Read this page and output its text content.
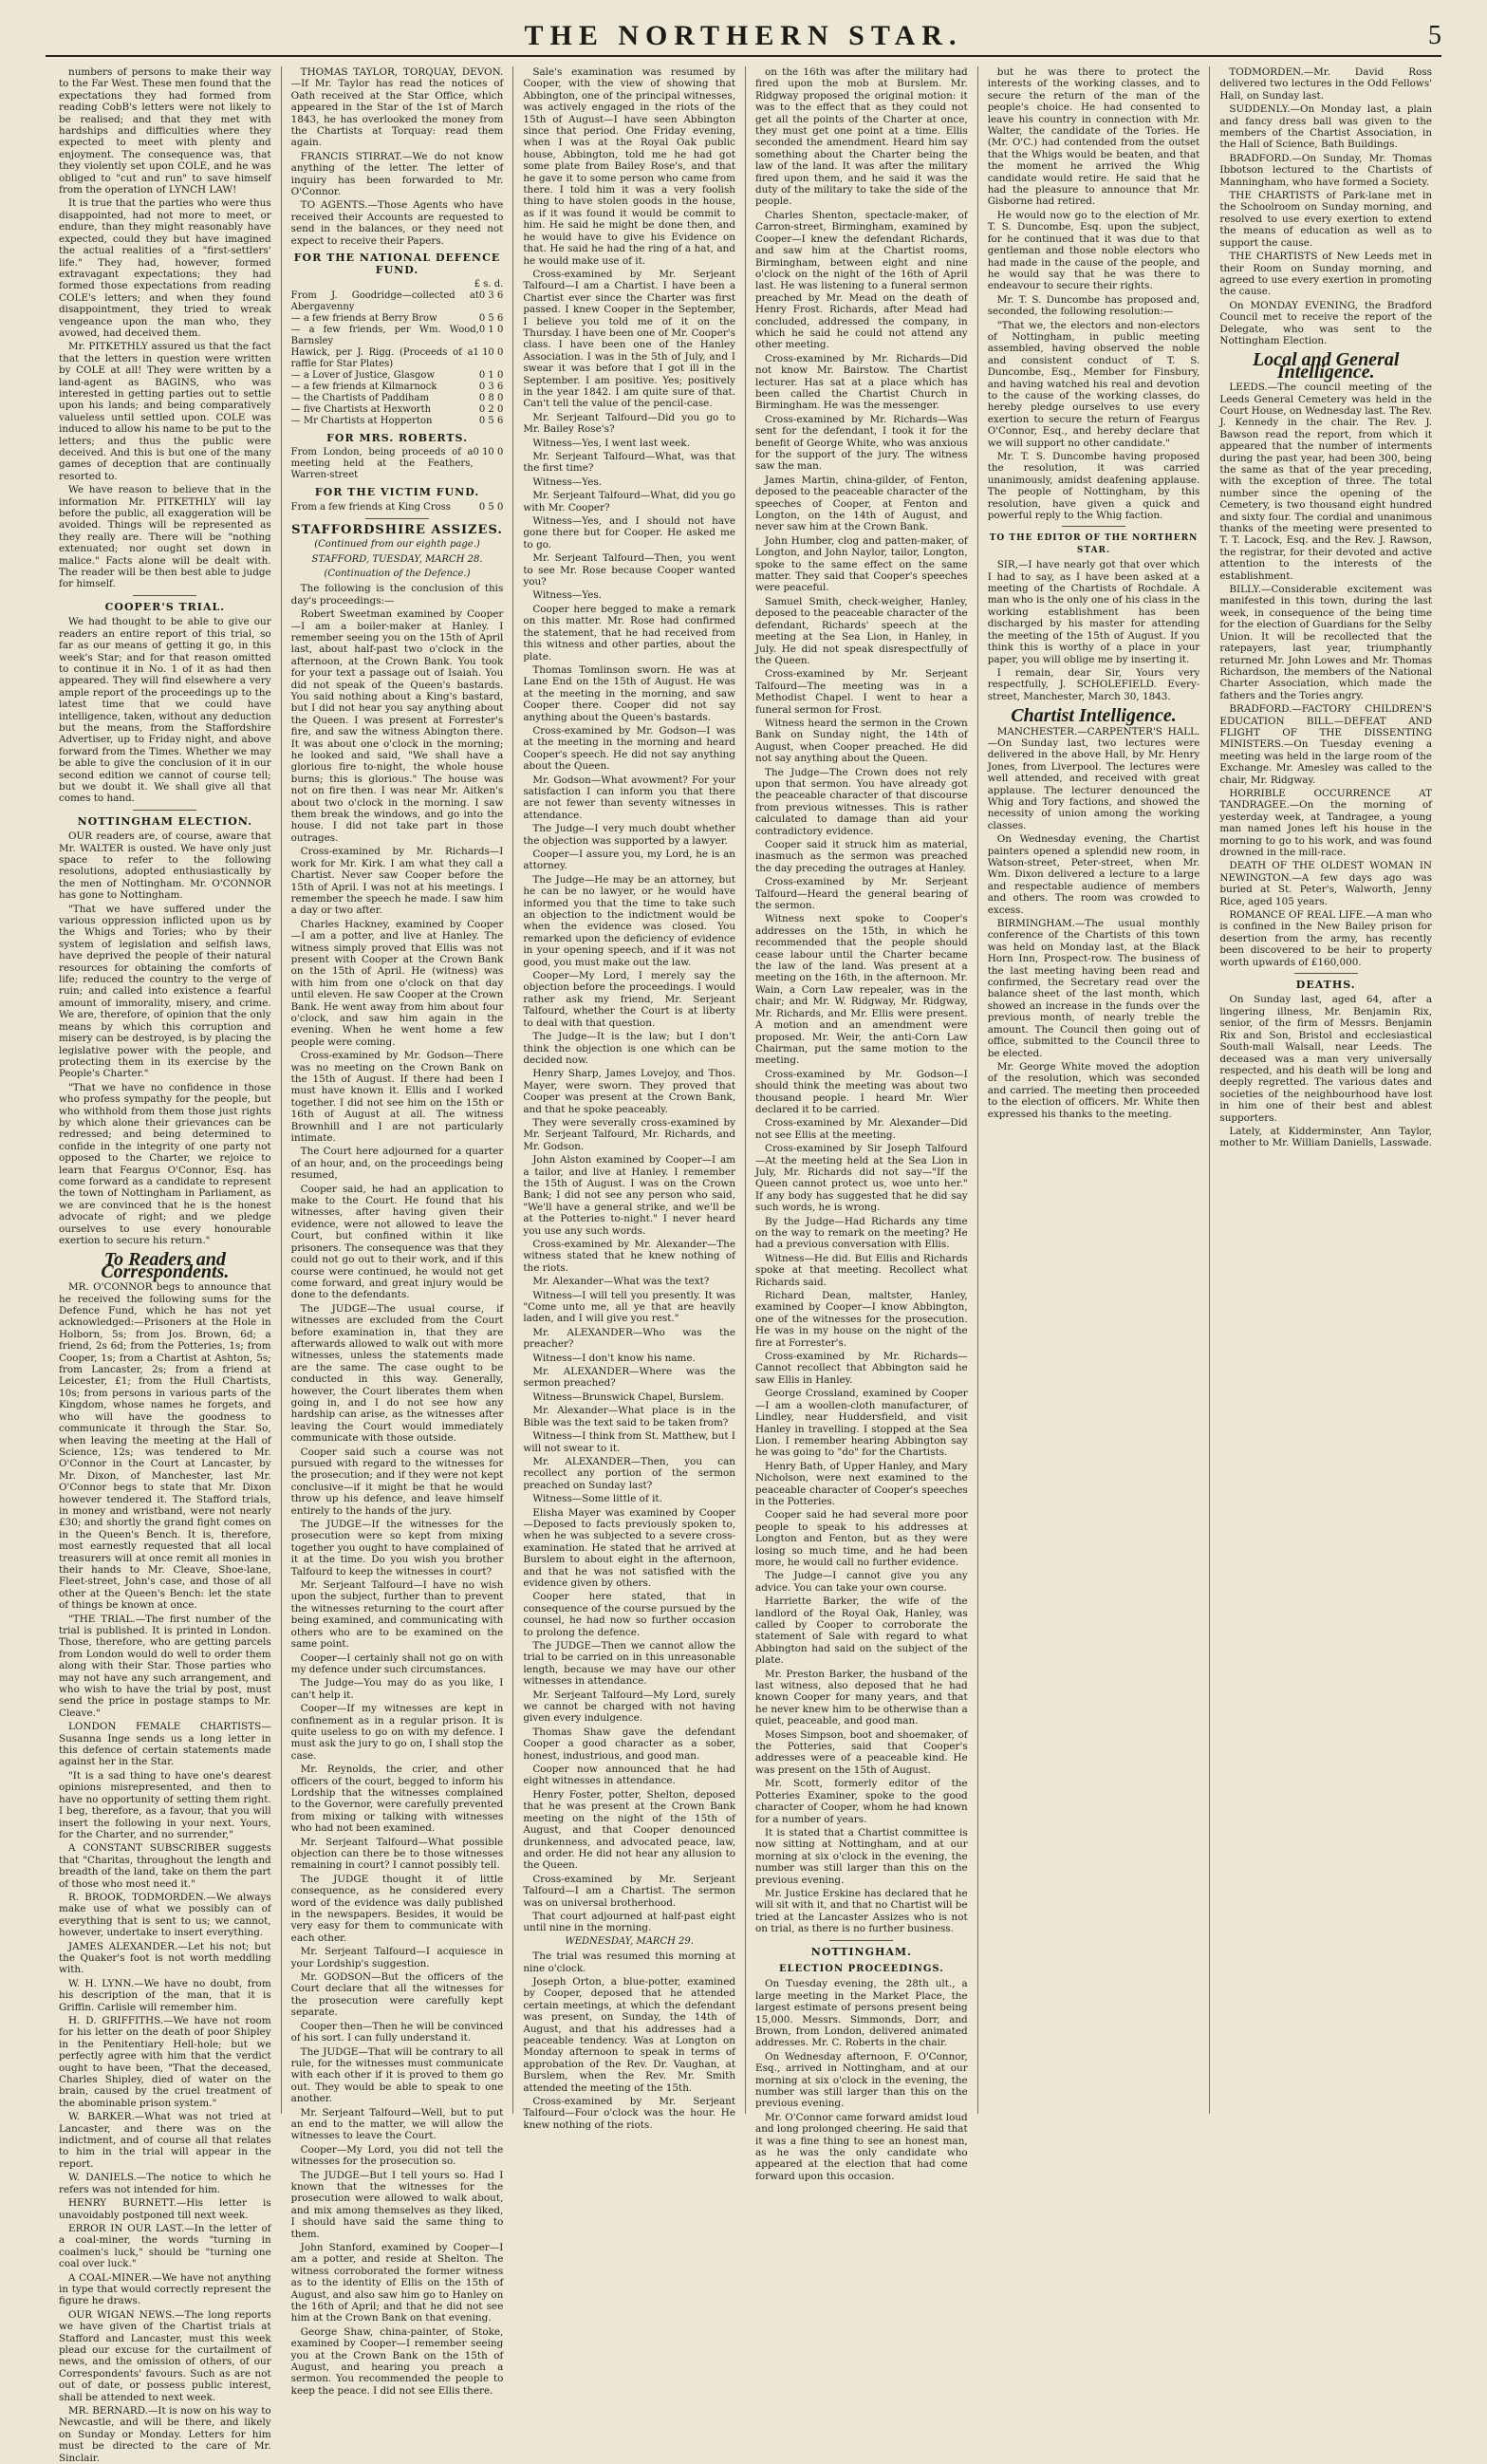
THE NORTHERN STAR.	5

numbers of persons to make their way to the Far West. These men found that the expectations they had formed from reading CobB's letters were not likely to be realised; and that they met with hardships and difficulties where they expected to meet with plenty and enjoyment. The consequence was, that they violently set upon COLE, and he was obliged to "cut and run" to save himself from the operation of LYNCH LAW!

It is true that the parties who were thus disappointed, had not more to meet, or endure, than they might reasonably have expected, could they but have imagined the actual realities of a "first-settlers' life." They had, however, formed extravagant expectations; they had formed those expectations from reading COLE's letters; and when they found disappointment, they tried to wreak vengeance upon the man who, they avowed, had deceived them.

Mr. PITKETHLY assured us that the fact that the letters in question were written by COLE at all! They were written by a land-agent as BAGINS, who was interested in getting parties out to settle upon his lands; and being comparatively valueless until settled upon. COLE was induced to allow his name to be put to the letters; and thus the public were deceived. And this is but one of the many games of deception that are continually resorted to.

We have reason to believe that in the information Mr. PITKETHLY will lay before the public, all exaggeration will be avoided. Things will be represented as they really are. There will be "nothing extenuated; nor ought set down in malice." Facts alone will be dealt with. The reader will be then best able to judge for himself.

COOPER'S TRIAL.

We had thought to be able to give our readers an entire report of this trial, so far as our means of getting it go, in this week's Star; and for that reason omitted to continue it in No. 1 of it as had then appeared. They will find elsewhere a very ample report of the proceedings up to the latest time that we could have intelligence, taken, without any deduction but the means, from the Staffordshire Advertiser, up to Friday night, and above forward from the Times. Whether we may be able to give the conclusion of it in our second edition we cannot of course tell; but we doubt it. We shall give all that comes to hand.

NOTTINGHAM ELECTION.

OUR readers are, of course, aware that Mr. WALTER is ousted. We have only just space to refer to the following resolutions, adopted enthusiastically by the men of Nottingham. Mr. O'CONNOR has gone to Nottingham.

"That we have suffered under the various oppression inflicted upon us by the Whigs and Tories; who by their system of legislation and selfish laws, have deprived the people of their natural resources for obtaining the comforts of life; reduced the country to the verge of ruin; and called into existence a fearful amount of immorality, misery, and crime. We are, therefore, of opinion that the only means by which this corruption and misery can be destroyed, is by placing the legislative power with the people, and protecting them in its exercise by the People's Charter."

"That we have no confidence in those who profess sympathy for the people, but who withhold from them those just rights by which alone their grievances can be redressed; and being determined to confide in the integrity of one party not opposed to the Charter, we rejoice to learn that Feargus O'Connor, Esq. has come forward as a candidate to represent the town of Nottingham in Parliament, as we are convinced that he is the honest advocate of right; and we pledge ourselves to use every honourable exertion to secure his return."

To Readers and Correspondents.

MR. O'CONNOR begs to announce that he received the following sums for the Defence Fund, which he has not yet acknowledged:—Prisoners at the Hole in Holborn, 5s; from Jos. Brown, 6d; a friend, 2s 6d; from the Potteries, 1s; from Cooper, 1s; from a Chartist at Ashton, 5s; from Lancaster, 2s; from a friend at Leicester, £1; from the Hull Chartists, 10s; from persons in various parts of the Kingdom, whose names he forgets, and who will have the goodness to communicate it through the Star. So, when leaving the meeting at the Hall of Science, 12s; was tendered to Mr. O'Connor in the Court at Lancaster, by Mr. Dixon, of Manchester, last Mr. O'Connor begs to state that Mr. Dixon however tendered it. The Stafford trials, in money and wristband, were not nearly £30; and shortly the grand fight comes on in the Queen's Bench. It is, therefore, most earnestly requested that all local treasurers will at once remit all monies in their hands to Mr. Cleave, Shoe-lane, Fleet-street, John's case, and those of all other at the Queen's Bench: let the state of things be known at once.

"THE TRIAL.—The first number of the trial is published. It is printed in London. Those, therefore, who are getting parcels from London would do well to order them along with their Star. Those parties who may not have any such arrangement, and who wish to have the trial by post, must send the price in postage stamps to Mr. Cleave."

LONDON FEMALE CHARTISTS—Susanna Inge sends us a long letter in this defence of certain statements made against her in the Star.

"It is a sad thing to have one's dearest opinions misrepresented, and then to have no opportunity of setting them right. I beg, therefore, as a favour, that you will insert the following in your next. Yours, for the Charter, and no surrender,"

A CONSTANT SUBSCRIBER suggests that "Charitas, throughout the length and breadth of the land, take on them the part of those who most need it."

R. BROOK, TODMORDEN.—We always make use of what we possibly can of everything that is sent to us; we cannot, however, undertake to insert everything.

JAMES ALEXANDER.—Let his not; but the Quaker's foot is not worth meddling with.

W. H. LYNN.—We have no doubt, from his description of the man, that it is Griffin. Carlisle will remember him.

H. D. GRIFFITHS.—We have not room for his letter on the death of poor Shipley in the Penitentiary Hell-hole; but we perfectly agree with him that the verdict ought to have been, "That the deceased, Charles Shipley, died of water on the brain, caused by the cruel treatment of the abominable prison system."

W. BARKER.—What was not tried at Lancaster, and there was on the indictment, and of course all that relates to him in the trial will appear in the report.

W. DANIELS.—The notice to which he refers was not intended for him.

HENRY BURNETT.—His letter is unavoidably postponed till next week.

ERROR IN OUR LAST.—In the letter of a coal-miner, the words "turning in coalmen's luck," should be "turning one coal over luck."

A COAL-MINER.—We have not anything in type that would correctly represent the figure he draws.

OUR WIGAN NEWS.—The long reports we have given of the Chartist trials at Stafford and Lancaster, must this week plead our excuse for the curtailment of news, and the omission of others, of our Correspondents' favours. Such as are not out of date, or possess public interest, shall be attended to next week.

MR. BERNARD.—It is now on his way to Newcastle, and will be there, and likely on Sunday or Monday. Letters for him must be directed to the care of Mr. Sinclair.

THOMAS TAYLOR, TORQUAY, DEVON.—If Mr. Taylor has read the notices of Oath received at the Star Office, which appeared in the Star of the 1st of March 1843, he has overlooked the money from the Chartists at Torquay: read them again.

FRANCIS STIRRAT.—We do not know anything of the letter. The letter of inquiry has been forwarded to Mr. O'Connor.

TO AGENTS.—Those Agents who have received their Accounts are requested to send in the balances, or they need not expect to receive their Papers.

FOR THE NATIONAL DEFENCE FUND.
£ s. d.
From J. Goodridge—collected at Abergavenny
0 3 6
— a few friends at Berry Brow	0 5 6
— a few friends, per Wm. Wood, Barnsley
0 1 0
Hawick, per J. Rigg. (Proceeds of a raffle for Star Plates)
1 10 0
— a Lover of Justice, Glasgow	0 1 0
— a few friends at Kilmarnock	0 3 6
— the Chartists of Paddiham	0 8 0
— five Chartists at Hexworth	0 2 0
— Mr Chartists at Hopperton	0 5 6
FOR MRS. ROBERTS.
From London, being proceeds of a meeting held at the Feathers, Warren-street
0 10 0
FOR THE VICTIM FUND.
From a few friends at King Cross	0 5 0
STAFFORDSHIRE ASSIZES.
(Continued from our eighth page.)
STAFFORD, TUESDAY, MARCH 28.
(Continuation of the Defence.)

The following is the conclusion of this day's proceedings:—

Robert Sweetman examined by Cooper—I am a boiler-maker at Hanley. I remember seeing you on the 15th of April last, about half-past two o'clock in the afternoon, at the Crown Bank. You took for your text a passage out of Isaiah. You did not speak of the Queen's bastards. You said nothing about a King's bastard, but I did not hear you say anything about the Queen. I was present at Forrester's fire, and saw the witness Abington there. It was about one o'clock in the morning; he looked and said, "We shall have a glorious fire to-night, the whole house burns; this is glorious." The house was not on fire then. I was near Mr. Aitken's about two o'clock in the morning. I saw them break the windows, and go into the house. I did not take part in those outrages.

Cross-examined by Mr. Richards—I work for Mr. Kirk. I am what they call a Chartist. Never saw Cooper before the 15th of April. I was not at his meetings. I remember the speech he made. I saw him a day or two after.

Charles Hackney, examined by Cooper—I am a potter, and live at Hanley. The witness simply proved that Ellis was not present with Cooper at the Crown Bank on the 15th of April. He (witness) was with him from one o'clock on that day until eleven. He saw Cooper at the Crown Bank. He went away from him about four o'clock, and saw him again in the evening. When he went home a few people were coming.

Cross-examined by Mr. Godson—There was no meeting on the Crown Bank on the 15th of August. If there had been I must have known it. Ellis and I worked together. I did not see him on the 15th or 16th of August at all. The witness Brownhill and I are not particularly intimate.

The Court here adjourned for a quarter of an hour, and, on the proceedings being resumed,

Cooper said, he had an application to make to the Court. He found that his witnesses, after having given their evidence, were not allowed to leave the Court, but confined within it like prisoners. The consequence was that they could not go out to their work, and if this course were continued, he would not get come forward, and great injury would be done to the defendants.

The JUDGE—The usual course, if witnesses are excluded from the Court before examination in, that they are afterwards allowed to walk out with more witnesses, unless the statements made are the same. The case ought to be conducted in this way. Generally, however, the Court liberates them when going in, and I do not see how any hardship can arise, as the witnesses after leaving the Court would immediately communicate with those outside.

Cooper said such a course was not pursued with regard to the witnesses for the prosecution; and if they were not kept conclusive—if it might be that he would throw up his defence, and leave himself entirely to the hands of the jury.

The JUDGE—If the witnesses for the prosecution were so kept from mixing together you ought to have complained of it at the time. Do you wish you brother Talfourd to keep the witnesses in court?

Mr. Serjeant Talfourd—I have no wish upon the subject, further than to prevent the witnesses returning to the court after being examined, and communicating with others who are to be examined on the same point.

Cooper—I certainly shall not go on with my defence under such circumstances.

The Judge—You may do as you like, I can't help it.

Cooper—If my witnesses are kept in confinement as in a regular prison. It is quite useless to go on with my defence. I must ask the jury to go on, I shall stop the case.

Mr. Reynolds, the crier, and other officers of the court, begged to inform his Lordship that the witnesses complained to the Governor, were carefully prevented from mixing or talking with witnesses who had not been examined.

Mr. Serjeant Talfourd—What possible objection can there be to those witnesses remaining in court? I cannot possibly tell.

The JUDGE thought it of little consequence, as he considered every word of the evidence was daily published in the newspapers. Besides, it would be very easy for them to communicate with each other.

Mr. Serjeant Talfourd—I acquiesce in your Lordship's suggestion.

Mr. GODSON—But the officers of the Court declare that all the witnesses for the prosecution were carefully kept separate.

Cooper then—Then he will be convinced of his sort. I can fully understand it.

The JUDGE—That will be contrary to all rule, for the witnesses must communicate with each other if it is proved to them go out. They would be able to speak to one another.

Mr. Serjeant Talfourd—Well, but to put an end to the matter, we will allow the witnesses to leave the Court.

Cooper—My Lord, you did not tell the witnesses for the prosecution so.

The JUDGE—But I tell yours so. Had I known that the witnesses for the prosecution were allowed to walk about, and mix among themselves as they liked, I should have said the same thing to them.

John Stanford, examined by Cooper—I am a potter, and reside at Shelton. The witness corroborated the former witness as to the identity of Ellis on the 15th of August, and also saw him go to Hanley on the 16th of April; and that he did not see him at the Crown Bank on that evening.

George Shaw, china-painter, of Stoke, examined by Cooper—I remember seeing you at the Crown Bank on the 15th of August, and hearing you preach a sermon. You recommended the people to keep the peace. I did not see Ellis there.

Sale's examination was resumed by Cooper, with the view of showing that Abbington, one of the principal witnesses, was actively engaged in the riots of the 15th of August—I have seen Abbington since that period. One Friday evening, when I was at the Royal Oak public house, Abbington, told me he had got some plate from Bailey Rose's, and that he gave it to some person who came from there. I told him it was a very foolish thing to have stolen goods in the house, as if it was found it would be commit to him. He said he might be done then, and he would have to give his Evidence on that. He said he had the ring of a hat, and he would make use of it.

Cross-examined by Mr. Serjeant Talfourd—I am a Chartist. I have been a Chartist ever since the Charter was first passed. I knew Cooper in the September, I believe you told me of it on the Thursday. I have been one of Mr. Cooper's class. I have been one of the Hanley Association. I was in the 5th of July, and I swear it was before that I got ill in the September. I am positive. Yes; positively in the year 1842. I am quite sure of that. Can't tell the value of the pencil-case.

Mr. Serjeant Talfourd—Did you go to Mr. Bailey Rose's?

Witness—Yes, I went last week.

Mr. Serjeant Talfourd—What, was that the first time?

Witness—Yes.

Mr. Serjeant Talfourd—What, did you go with Mr. Cooper?

Witness—Yes, and I should not have gone there but for Cooper. He asked me to go.

Mr. Serjeant Talfourd—Then, you went to see Mr. Rose because Cooper wanted you?

Witness—Yes.

Cooper here begged to make a remark on this matter. Mr. Rose had confirmed the statement, that he had received from this witness and other parties, about the plate.

Thomas Tomlinson sworn. He was at Lane End on the 15th of August. He was at the meeting in the morning, and saw Cooper there. Cooper did not say anything about the Queen's bastards.

Cross-examined by Mr. Godson—I was at the meeting in the morning and heard Cooper's speech. He did not say anything about the Queen.

Mr. Godson—What avowment? For your satisfaction I can inform you that there are not fewer than seventy witnesses in attendance.

The Judge—I very much doubt whether the objection was supported by a lawyer.

Cooper—I assure you, my Lord, he is an attorney.

The Judge—He may be an attorney, but he can be no lawyer, or he would have informed you that the time to take such an objection to the indictment would be when the evidence was closed. You remarked upon the deficiency of evidence in your opening speech, and if it was not good, you must make out the law.

Cooper—My Lord, I merely say the objection before the proceedings. I would rather ask my friend, Mr. Serjeant Talfourd, whether the Court is at liberty to deal with that question.

The Judge—It is the law; but I don't think the objection is one which can be decided now.

Henry Sharp, James Lovejoy, and Thos. Mayer, were sworn. They proved that Cooper was present at the Crown Bank, and that he spoke peaceably.

They were severally cross-examined by Mr. Serjeant Talfourd, Mr. Richards, and Mr. Godson.

John Alston examined by Cooper—I am a tailor, and live at Hanley. I remember the 15th of August. I was on the Crown Bank; I did not see any person who said, "We'll have a general strike, and we'll be at the Potteries to-night." I never heard you use any such words.

Cross-examined by Mr. Alexander—The witness stated that he knew nothing of the riots.

Mr. Alexander—What was the text?

Witness—I will tell you presently. It was "Come unto me, all ye that are heavily laden, and I will give you rest."

Mr. ALEXANDER—Who was the preacher?

Witness—I don't know his name.

Mr. ALEXANDER—Where was the sermon preached?

Witness—Brunswick Chapel, Burslem.

Mr. Alexander—What place is in the Bible was the text said to be taken from?

Witness—I think from St. Matthew, but I will not swear to it.

Mr. ALEXANDER—Then, you can recollect any portion of the sermon preached on Sunday last?

Witness—Some little of it.

Elisha Mayer was examined by Cooper—Deposed to facts previously spoken to, when he was subjected to a severe cross-examination. He stated that he arrived at Burslem to about eight in the afternoon, and that he was not satisfied with the evidence given by others.

Cooper here stated, that in consequence of the course pursued by the counsel, he had now so further occasion to prolong the defence.

The JUDGE—Then we cannot allow the trial to be carried on in this unreasonable length, because we may have our other witnesses in attendance.

Mr. Serjeant Talfourd—My Lord, surely we cannot be charged with not having given every indulgence.

Thomas Shaw gave the defendant Cooper a good character as a sober, honest, industrious, and good man.

Cooper now announced that he had eight witnesses in attendance.

Henry Foster, potter, Shelton, deposed that he was present at the Crown Bank meeting on the night of the 15th of August, and that Cooper denounced drunkenness, and advocated peace, law, and order. He did not hear any allusion to the Queen.

Cross-examined by Mr. Serjeant Talfourd—I am a Chartist. The sermon was on universal brotherhood.

That court adjourned at half-past eight until nine in the morning.

WEDNESDAY, MARCH 29.

The trial was resumed this morning at nine o'clock.

Joseph Orton, a blue-potter, examined by Cooper, deposed that he attended certain meetings, at which the defendant was present, on Sunday, the 14th of August, and that his addresses had a peaceable tendency. Was at Longton on Monday afternoon to speak in terms of approbation of the Rev. Dr. Vaughan, at Burslem, when the Rev. Mr. Smith attended the meeting of the 15th.

Cross-examined by Mr. Serjeant Talfourd—Four o'clock was the hour. He knew nothing of the riots.

on the 16th was after the military had fired upon the mob at Burslem. Mr. Ridgway proposed the original motion: it was to the effect that as they could not get all the points of the Charter at once, they must get one point at a time. Ellis seconded the amendment. Heard him say something about the Charter being the law of the land. It was after the military fired upon them, and he said it was the duty of the military to take the side of the people.

Charles Shenton, spectacle-maker, of Carron-street, Birmingham, examined by Cooper—I knew the defendant Richards, and saw him at the Chartist rooms, Birmingham, between eight and nine o'clock on the night of the 16th of April last. He was listening to a funeral sermon preached by Mr. Mead on the death of Henry Frost. Richards, after Mead had concluded, addressed the company, in which he said he could not attend any other meeting.

Cross-examined by Mr. Richards—Did not know Mr. Bairstow. The Chartist lecturer. Has sat at a place which has been called the Chartist Church in Birmingham. He was the messenger.

Cross-examined by Mr. Richards—Was sent for the defendant, I took it for the benefit of George White, who was anxious for the support of the jury. The witness saw the man.

James Martin, china-gilder, of Fenton, deposed to the peaceable character of the speeches of Cooper, at Fenton and Longton, on the 14th of August, and never saw him at the Crown Bank.

John Humber, clog and patten-maker, of Longton, and John Naylor, tailor, Longton, spoke to the same effect on the same matter. They said that Cooper's speeches were peaceful.

Samuel Smith, check-weigher, Hanley, deposed to the peaceable character of the defendant, Richards' speech at the meeting at the Sea Lion, in Hanley, in July. He did not speak disrespectfully of the Queen.

Cross-examined by Mr. Serjeant Talfourd—The meeting was in a Methodist Chapel. I went to hear a funeral sermon for Frost.

Witness heard the sermon in the Crown Bank on Sunday night, the 14th of August, when Cooper preached. He did not say anything about the Queen.

The Judge—The Crown does not rely upon that sermon. You have already got the peaceable character of that discourse from previous witnesses. This is rather calculated to damage than aid your contradictory evidence.

Cooper said it struck him as material, inasmuch as the sermon was preached the day preceding the outrages at Hanley.

Cross-examined by Mr. Serjeant Talfourd—Heard the general bearing of the sermon.

Witness next spoke to Cooper's addresses on the 15th, in which he recommended that the people should cease labour until the Charter became the law of the land. Was present at a meeting on the 16th, in the afternoon. Mr. Wain, a Corn Law repealer, was in the chair; and Mr. W. Ridgway, Mr. Ridgway, Mr. Richards, and Mr. Ellis were present. A motion and an amendment were proposed. Mr. Weir, the anti-Corn Law Chairman, put the same motion to the meeting.

Cross-examined by Mr. Godson—I should think the meeting was about two thousand people. I heard Mr. Wier declared it to be carried.

Cross-examined by Mr. Alexander—Did not see Ellis at the meeting.

Cross-examined by Sir Joseph Talfourd—At the meeting held at the Sea Lion in July, Mr. Richards did not say—"If the Queen cannot protect us, woe unto her." If any body has suggested that he did say such words, he is wrong.

By the Judge—Had Richards any time on the way to remark on the meeting? He had a previous conversation with Ellis.

Witness—He did. But Ellis and Richards spoke at that meeting. Recollect what Richards said.

Richard Dean, maltster, Hanley, examined by Cooper—I know Abbington, one of the witnesses for the prosecution. He was in my house on the night of the fire at Forrester's.

Cross-examined by Mr. Richards—Cannot recollect that Abbington said he saw Ellis in Hanley.

George Crossland, examined by Cooper—I am a woollen-cloth manufacturer, of Lindley, near Huddersfield, and visit Hanley in travelling. I stopped at the Sea Lion. I remember hearing Abbington say he was going to "do" for the Chartists.

Henry Bath, of Upper Hanley, and Mary Nicholson, were next examined to the peaceable character of Cooper's speeches in the Potteries.

Cooper said he had several more poor people to speak to his addresses at Longton and Fenton, but as they were losing so much time, and he had been more, he would call no further evidence.

The Judge—I cannot give you any advice. You can take your own course.

Harriette Barker, the wife of the landlord of the Royal Oak, Hanley, was called by Cooper to corroborate the statement of Sale with regard to what Abbington had said on the subject of the plate.

Mr. Preston Barker, the husband of the last witness, also deposed that he had known Cooper for many years, and that he never knew him to be otherwise than a quiet, peaceable, and good man.

Moses Simpson, boot and shoemaker, of the Potteries, said that Cooper's addresses were of a peaceable kind. He was present on the 15th of August.

Mr. Scott, formerly editor of the Potteries Examiner, spoke to the good character of Cooper, whom he had known for a number of years.

It is stated that a Chartist committee is now sitting at Nottingham, and at our morning at six o'clock in the evening, the number was still larger than this on the previous evening.

Mr. Justice Erskine has declared that he will sit with it, and that no Chartist will be tried at the Lancaster Assizes who is not on trial, as there is no further business.

NOTTINGHAM.
ELECTION PROCEEDINGS.

On Tuesday evening, the 28th ult., a large meeting in the Market Place, the largest estimate of persons present being 15,000. Messrs. Simmonds, Dorr, and Brown, from London, delivered animated addresses. Mr. C. Roberts in the chair.

On Wednesday afternoon, F. O'Connor, Esq., arrived in Nottingham, and at our morning at six o'clock in the evening, the number was still larger than this on the previous evening.

Mr. O'Connor came forward amidst loud and long prolonged cheering. He said that it was a fine thing to see an honest man, as he was the only candidate who appeared at the election that had come forward upon this occasion.

but he was there to protect the interests of the working classes, and to secure the return of the man of the people's choice. He had consented to leave his country in connection with Mr. Walter, the candidate of the Tories. He (Mr. O'C.) had contended from the outset that the Whigs would be beaten, and that the moment he arrived the Whig candidate would retire. He said that he had the pleasure to announce that Mr. Gisborne had retired.

He would now go to the election of Mr. T. S. Duncombe, Esq. upon the subject, for he continued that it was due to that gentleman and those noble electors who had made in the cause of the people, and he would say that he was there to endeavour to secure their rights.

Mr. T. S. Duncombe has proposed and, seconded, the following resolution:—

"That we, the electors and non-electors of Nottingham, in public meeting assembled, having observed the noble and consistent conduct of T. S. Duncombe, Esq., Member for Finsbury, and having watched his real and devotion to the cause of the working classes, do hereby pledge ourselves to use every exertion to secure the return of Feargus O'Connor, Esq., and hereby declare that we will support no other candidate."

Mr. T. S. Duncombe having proposed the resolution, it was carried unanimously, amidst deafening applause. The people of Nottingham, by this resolution, have given a quick and powerful reply to the Whig faction.

TO THE EDITOR OF THE NORTHERN STAR.

SIR,—I have nearly got that over which I had to say, as I have been asked at a meeting of the Chartists of Rochdale. A man who is the only one of his class in the working establishment has been discharged by his master for attending the meeting of the 15th of August. If you think this is worthy of a place in your paper, you will oblige me by inserting it.

I remain, dear Sir, Yours very respectfully, J. SCHOLEFIELD. Every-street, Manchester, March 30, 1843.

Chartist Intelligence.

MANCHESTER.—CARPENTER'S HALL.—On Sunday last, two lectures were delivered in the above Hall, by Mr. Henry Jones, from Liverpool. The lectures were well attended, and received with great applause. The lecturer denounced the Whig and Tory factions, and showed the necessity of union among the working classes.

On Wednesday evening, the Chartist painters opened a splendid new room, in Watson-street, Peter-street, when Mr. Wm. Dixon delivered a lecture to a large and respectable audience of members and others. The room was crowded to excess.

BIRMINGHAM.—The usual monthly conference of the Chartists of this town was held on Monday last, at the Black Horn Inn, Prospect-row. The business of the last meeting having been read and confirmed, the Secretary read over the balance sheet of the last month, which showed an increase in the funds over the previous month, of nearly treble the amount. The Council then going out of office, submitted to the Council three to be elected.

Mr. George White moved the adoption of the resolution, which was seconded and carried. The meeting then proceeded to the election of officers. Mr. White then expressed his thanks to the meeting.

TODMORDEN.—Mr. David Ross delivered two lectures in the Odd Fellows' Hall, on Sunday last.

SUDDENLY.—On Monday last, a plain and fancy dress ball was given to the members of the Chartist Association, in the Hall of Science, Bath Buildings.

BRADFORD.—On Sunday, Mr. Thomas Ibbotson lectured to the Chartists of Manningham, who have formed a Society.

THE CHARTISTS of Park-lane met in the Schoolroom on Sunday morning, and resolved to use every exertion to extend the means of education as well as to support the cause.

THE CHARTISTS of New Leeds met in their Room on Sunday morning, and agreed to use every exertion in promoting the cause.

On MONDAY EVENING, the Bradford Council met to receive the report of the Delegate, who was sent to the Nottingham Election.

Local and General Intelligence.

LEEDS.—The council meeting of the Leeds General Cemetery was held in the Court House, on Wednesday last. The Rev. J. Kennedy in the chair. The Rev. J. Bawson read the report, from which it appeared that the number of interments during the past year, had been 300, being the same as that of the year preceding, with the exception of three. The total number since the opening of the Cemetery, is two thousand eight hundred and sixty four. The cordial and unanimous thanks of the meeting were presented to T. T. Lacock, Esq. and the Rev. J. Rawson, the registrar, for their devoted and active attention to the interests of the establishment.

BILLY.—Considerable excitement was manifested in this town, during the last week, in consequence of the being time for the election of Guardians for the Selby Union. It will be recollected that the ratepayers, last year, triumphantly returned Mr. John Lowes and Mr. Thomas Richardson, the members of the National Charter Association, which made the fathers and the Tories angry.

BRADFORD.—FACTORY CHILDREN'S EDUCATION BILL.—DEFEAT AND FLIGHT OF THE DISSENTING MINISTERS.—On Tuesday evening a meeting was held in the large room of the Exchange. Mr. Amesley was called to the chair, Mr. Ridgway.

HORRIBLE OCCURRENCE AT TANDRAGEE.—On the morning of yesterday week, at Tandragee, a young man named Jones left his house in the morning to go to his work, and was found drowned in the mill-race.

DEATH OF THE OLDEST WOMAN IN NEWINGTON.—A few days ago was buried at St. Peter's, Walworth, Jenny Rice, aged 105 years.

ROMANCE OF REAL LIFE.—A man who is confined in the New Bailey prison for desertion from the army, has recently been discovered to be heir to property worth upwards of £160,000.

DEATHS.

On Sunday last, aged 64, after a lingering illness, Mr. Benjamin Rix, senior, of the firm of Messrs. Benjamin Rix and Son, Bristol and ecclesiastical South-mall Walsall, near Leeds. The deceased was a man very universally respected, and his death will be long and deeply regretted. The various dates and societies of the neighbourhood have lost in him one of their best and ablest supporters.

Lately, at Kidderminster, Ann Taylor, mother to Mr. William Daniells, Lasswade.
